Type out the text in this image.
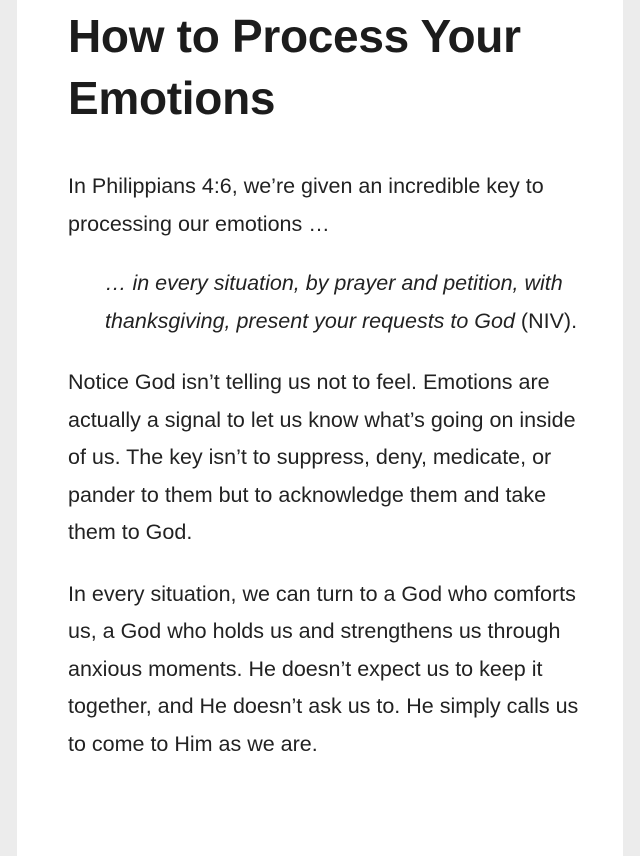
How to Process Your Emotions

In Philippians 4:6, we’re given an incredible key to processing our emotions …

… in every situation, by prayer and petition, with thanksgiving, present your requests to God (NIV).

Notice God isn’t telling us not to feel. Emotions are actually a signal to let us know what’s going on inside of us. The key isn’t to suppress, deny, medicate, or pander to them but to acknowledge them and take them to God.

In every situation, we can turn to a God who comforts us, a God who holds us and strengthens us through anxious moments. He doesn’t expect us to keep it together, and He doesn’t ask us to. He simply calls us to come to Him as we are.
